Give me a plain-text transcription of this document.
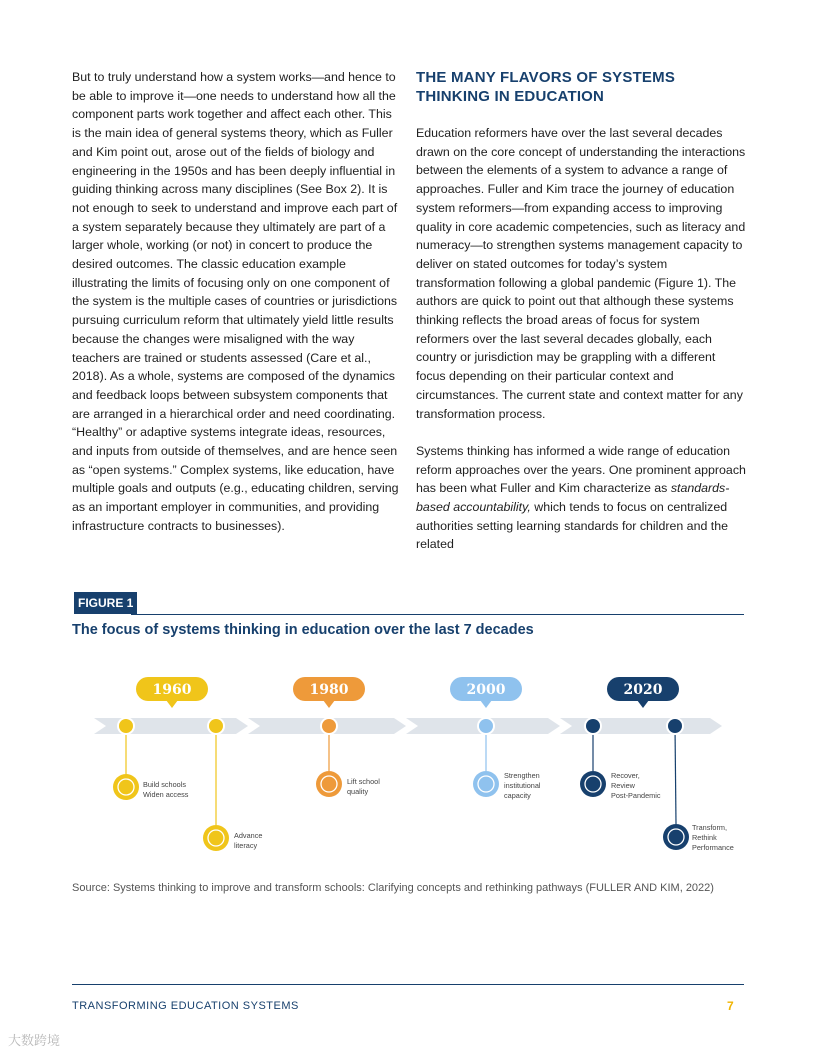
But to truly understand how a system works—and hence to be able to improve it—one needs to understand how all the component parts work together and affect each other. This is the main idea of general systems theory, which as Fuller and Kim point out, arose out of the fields of biology and engineering in the 1950s and has been deeply influential in guiding thinking across many disciplines (See Box 2). It is not enough to seek to understand and improve each part of a system separately because they ultimately are part of a larger whole, working (or not) in concert to produce the desired outcomes. The classic education example illustrating the limits of focusing only on one component of the system is the multiple cases of countries or jurisdictions pursuing curriculum reform that ultimately yield little results because the changes were misaligned with the way teachers are trained or students assessed (Care et al., 2018). As a whole, systems are composed of the dynamics and feedback loops between subsystem components that are arranged in a hierarchical order and need coordinating. “Healthy” or adaptive systems integrate ideas, resources, and inputs from outside of themselves, and are hence seen as “open systems.” Complex systems, like education, have multiple goals and outputs (e.g., educating children, serving as an important employer in communities, and providing infrastructure contracts to businesses).

THE MANY FLAVORS OF SYSTEMS THINKING IN EDUCATION

Education reformers have over the last several decades drawn on the core concept of understanding the interactions between the elements of a system to advance a range of approaches. Fuller and Kim trace the journey of education system reformers—from expanding access to improving quality in core academic competencies, such as literacy and numeracy—to strengthen systems management capacity to deliver on stated outcomes for today’s system transformation following a global pandemic (Figure 1). The authors are quick to point out that although these systems thinking reflects the broad areas of focus for system reformers over the last several decades globally, each country or jurisdiction may be grappling with a different focus depending on their particular context and circumstances. The current state and context matter for any transformation process.

Systems thinking has informed a wide range of education reform approaches over the years. One prominent approach has been what Fuller and Kim characterize as standards-based accountability, which tends to focus on centralized authorities setting learning standards for children and the related

FIGURE 1
The focus of systems thinking in education over the last 7 decades
1960	1980	2000	2020
Build schools
Widen access
Advance
literacy
Lift school
quality
Strengthen
institutional
capacity
Recover,
Review
Post-Pandemic
Transform,
Rethink
Performance
Source: Systems thinking to improve and transform schools: Clarifying concepts and rethinking pathways (FULLER AND KIM, 2022)
TRANSFORMING EDUCATION SYSTEMS	7
大数跨境
